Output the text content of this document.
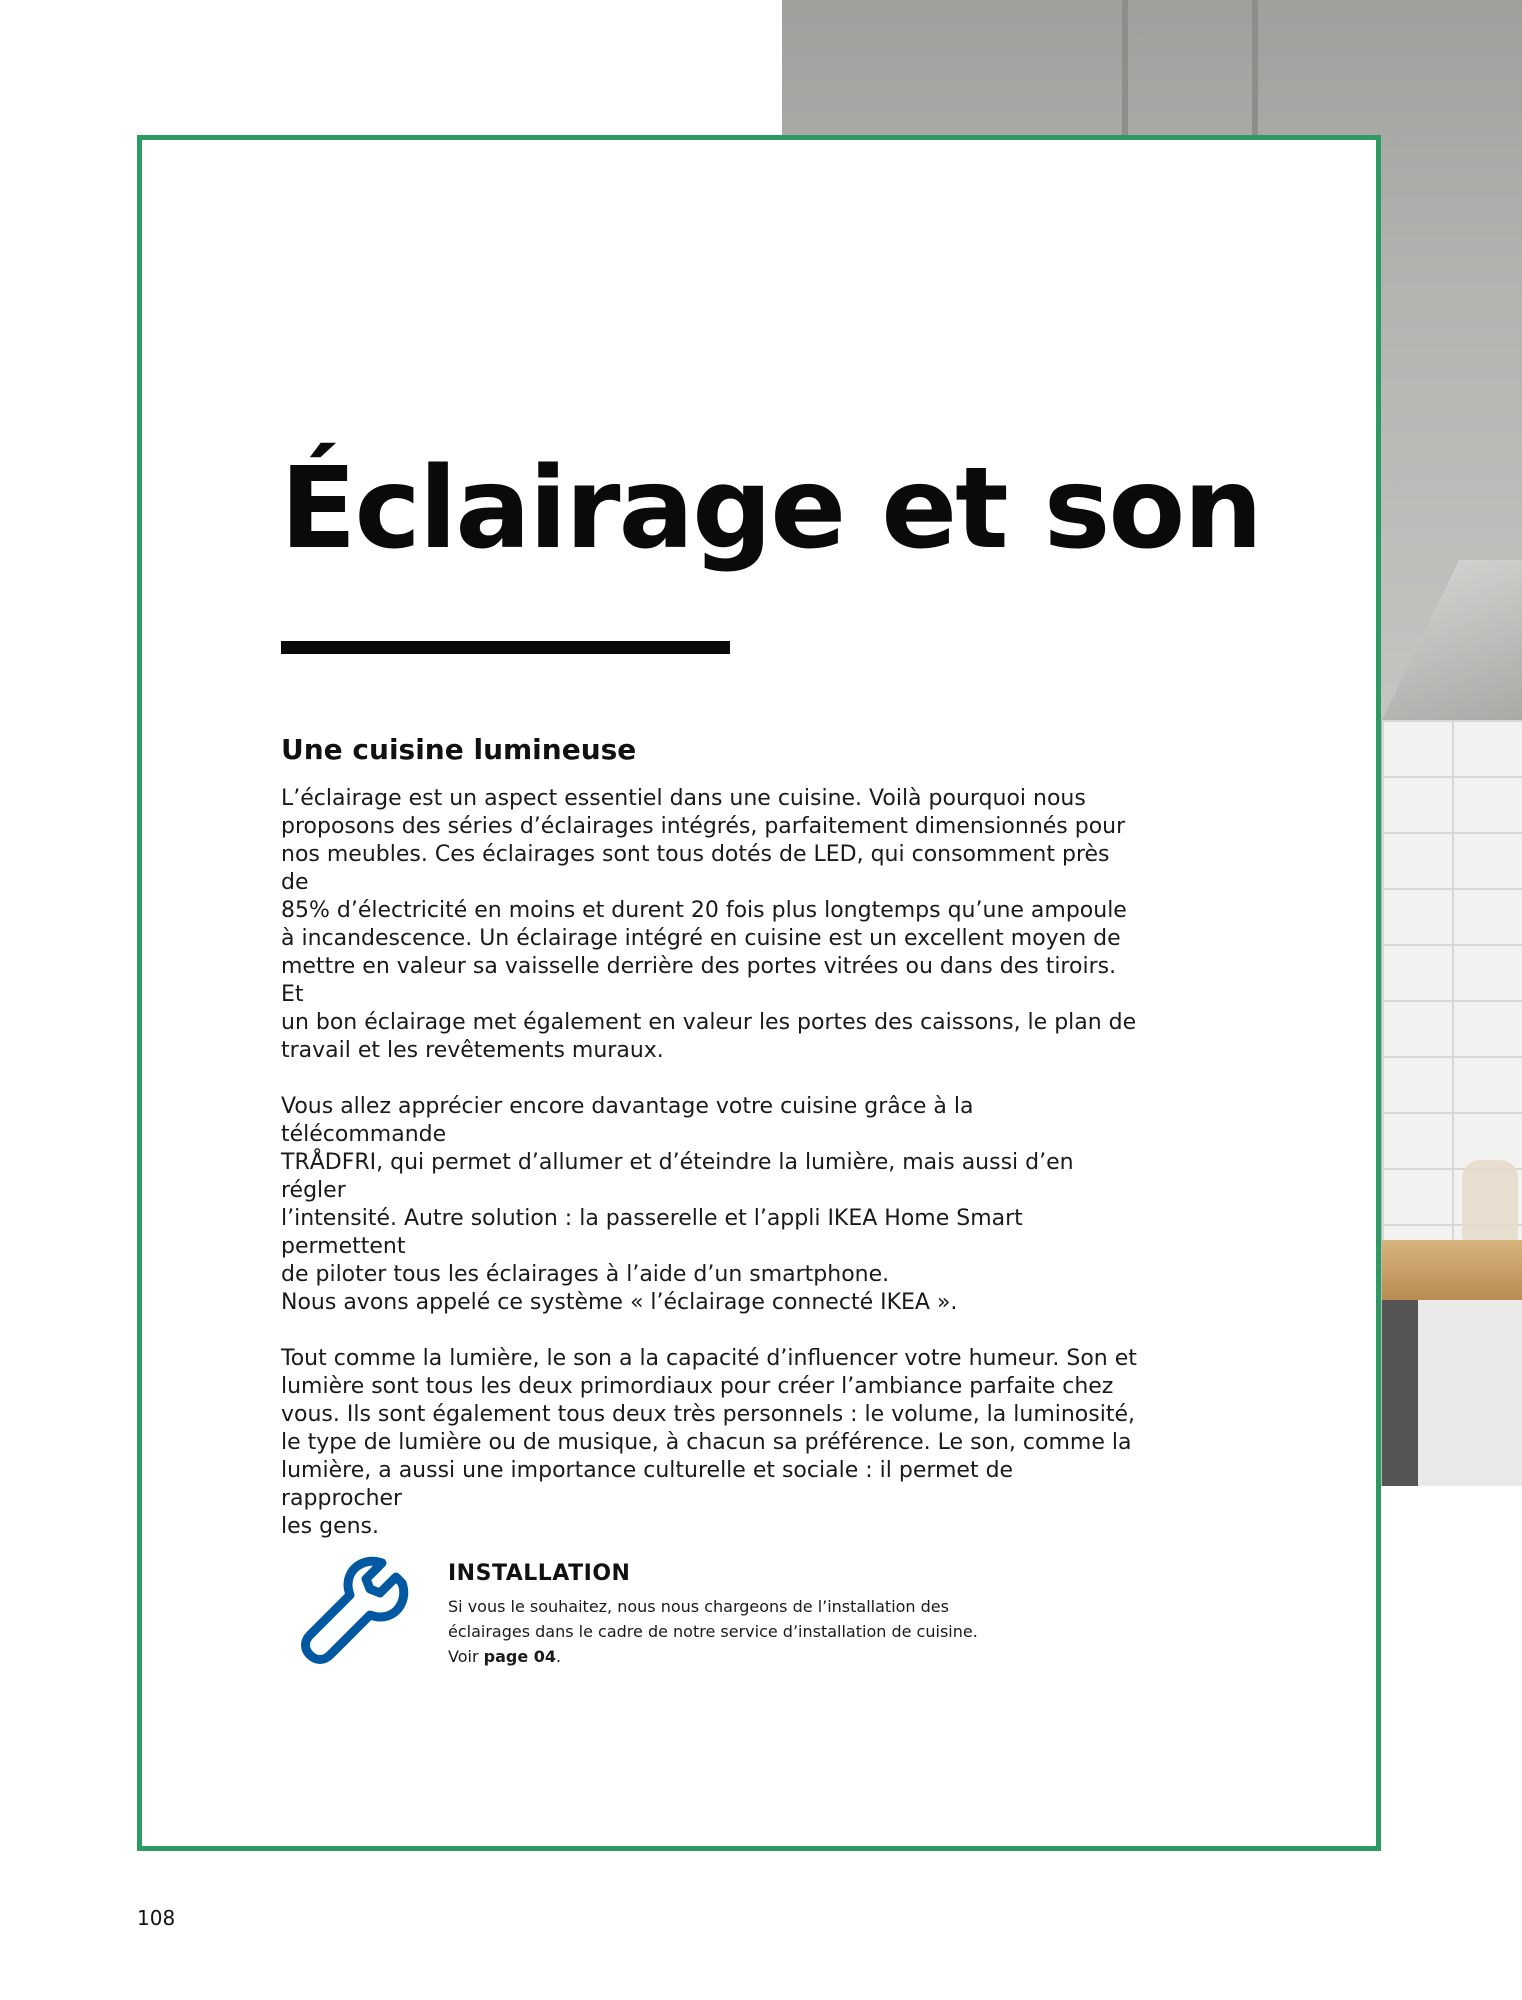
Éclairage et son
Une cuisine lumineuse

L’éclairage est un aspect essentiel dans une cuisine. Voilà pourquoi nous
proposons des séries d’éclairages intégrés, parfaitement dimensionnés pour
nos meubles. Ces éclairages sont tous dotés de LED, qui consomment près de
85% d’électricité en moins et durent 20 fois plus longtemps qu’une ampoule
à incandescence. Un éclairage intégré en cuisine est un excellent moyen de
mettre en valeur sa vaisselle derrière des portes vitrées ou dans des tiroirs. Et
un bon éclairage met également en valeur les portes des caissons, le plan de
travail et les revêtements muraux.

Vous allez apprécier encore davantage votre cuisine grâce à la télécommande
TRÅDFRI, qui permet d’allumer et d’éteindre la lumière, mais aussi d’en régler
l’intensité. Autre solution : la passerelle et l’appli IKEA Home Smart permettent
de piloter tous les éclairages à l’aide d’un smartphone.
Nous avons appelé ce système « l’éclairage connecté IKEA ».

Tout comme la lumière, le son a la capacité d’influencer votre humeur. Son et
lumière sont tous les deux primordiaux pour créer l’ambiance parfaite chez
vous. Ils sont également tous deux très personnels : le volume, la luminosité,
le type de lumière ou de musique, à chacun sa préférence. Le son, comme la
lumière, a aussi une importance culturelle et sociale : il permet de rapprocher
les gens.

INSTALLATION
Si vous le souhaitez, nous nous chargeons de l’installation des
éclairages dans le cadre de notre service d’installation de cuisine.
Voir page 04.
108
